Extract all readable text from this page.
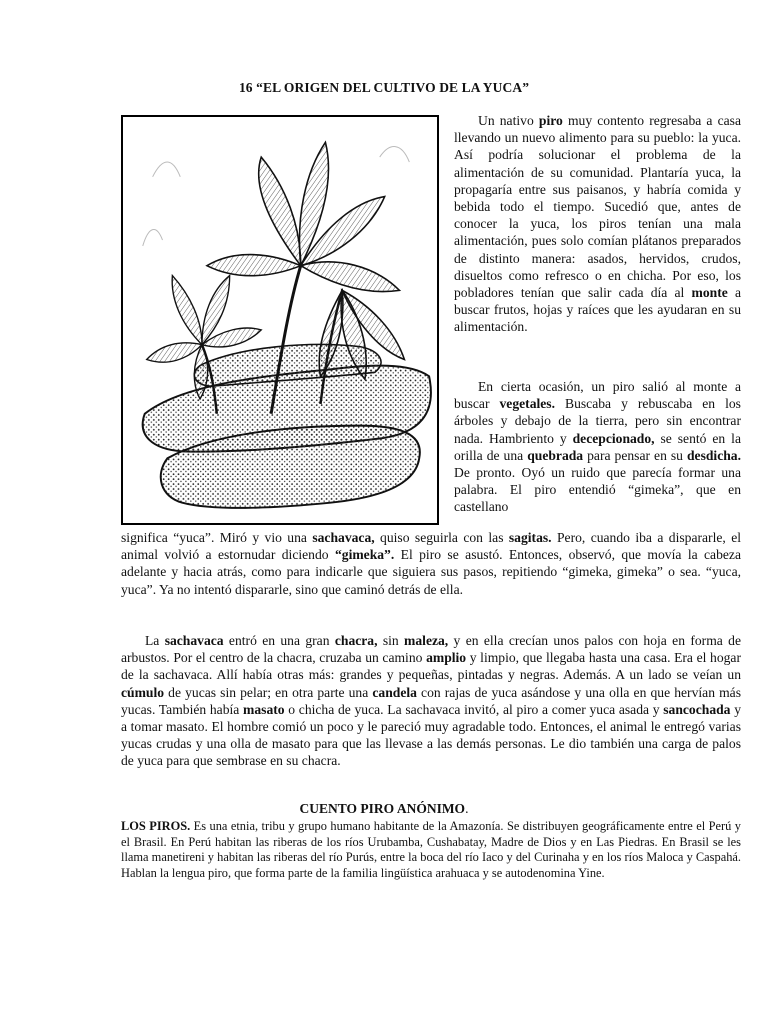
16 “EL ORIGEN DEL CULTIVO DE LA YUCA”

Un nativo piro muy contento regresaba a casa llevando un nuevo alimento para su pueblo: la yuca. Así podría solucionar el problema de la alimentación de su comunidad. Plantaría yuca, la propagaría entre sus paisanos, y habría comida y bebida todo el tiempo. Sucedió que, antes de conocer la yuca, los piros tenían una mala alimentación, pues solo comían plátanos preparados de distinto manera: asados, hervidos, crudos, disueltos como refresco o en chicha. Por eso, los pobladores tenían que salir cada día al monte a buscar frutos, hojas y raíces que les ayudaran en su alimentación.

En cierta ocasión, un piro salió al monte a buscar vegetales. Buscaba y rebuscaba en los árboles y debajo de la tierra, pero sin encontrar nada. Hambriento y decepcionado, se sentó en la orilla de una quebrada para pensar en su desdicha. De pronto. Oyó un ruido que parecía formar una palabra. El piro entendió “gimeka”, que en castellano

significa “yuca”. Miró y vio una sachavaca, quiso seguirla con las sagitas. Pero, cuando iba a dispararle, el animal volvió a estornudar diciendo “gimeka”. El piro se asustó. Entonces, observó, que movía la cabeza adelante y hacia atrás, como para indicarle que siguiera sus pasos, repitiendo “gimeka, gimeka” o sea. “yuca, yuca”. Ya no intentó dispararle, sino que caminó detrás de ella.

La sachavaca entró en una gran chacra, sin maleza, y en ella crecían unos palos con hoja en forma de arbustos. Por el centro de la chacra, cruzaba un camino amplio y limpio, que llegaba hasta una casa. Era el hogar de la sachavaca. Allí había otras más: grandes y pequeñas, pintadas y negras. Además. A un lado se veían un cúmulo de yucas sin pelar; en otra parte una candela con rajas de yuca asándose y una olla en que hervían más yucas. También había masato o chicha de yuca. La sachavaca invitó, al piro a comer yuca asada y sancochada y a tomar masato. El hombre comió un poco y le pareció muy agradable todo. Entonces, el animal le entregó varias yucas crudas y una olla de masato para que las llevase a las demás personas. Le dio también una carga de palos de yuca para que sembrase en su chacra.

CUENTO PIRO ANÓNIMO.

LOS PIROS. Es una etnia, tribu y grupo humano habitante de la Amazonía. Se distribuyen geográficamente entre el Perú y el Brasil. En Perú habitan las riberas de los ríos Urubamba, Cushabatay, Madre de Dios y en Las Piedras. En Brasil se les llama manetireni y habitan las riberas del río Purús, entre la boca del río Iaco y del Curinaha y en los ríos Maloca y Caspahá. Hablan la lengua piro, que forma parte de la familia lingüística arahuaca y se autodenomina Yine.
